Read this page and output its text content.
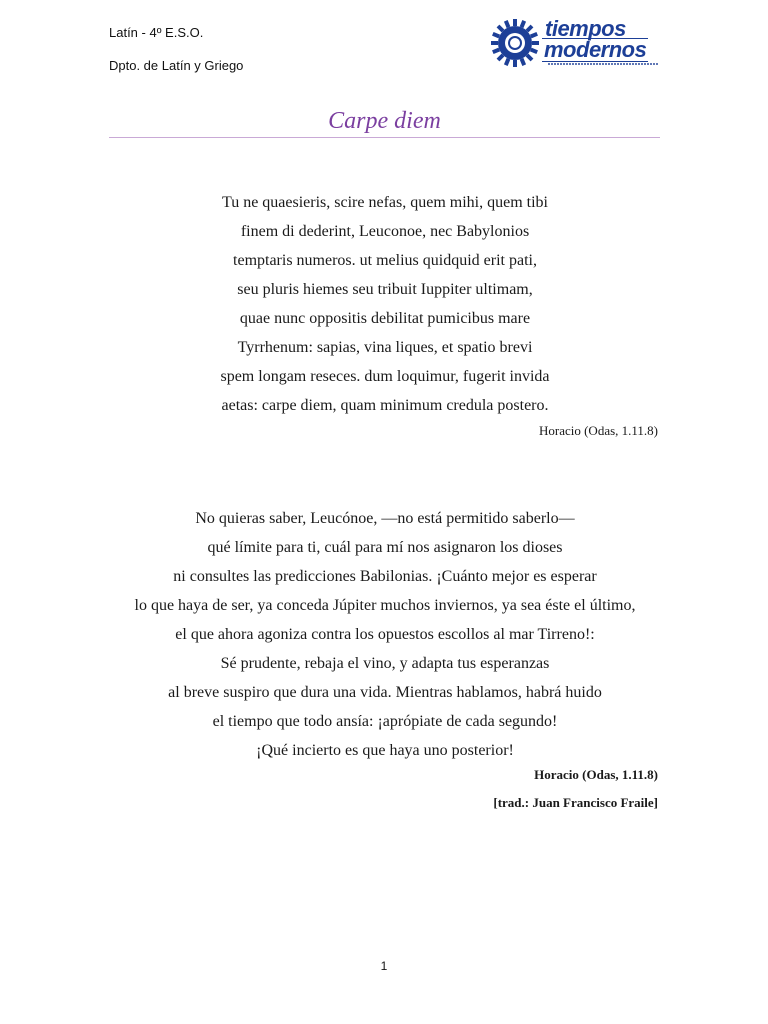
Latín - 4º E.S.O.
Dpto. de Latín y Griego
tiempos
modernos
Carpe diem
Tu ne quaesieris, scire nefas, quem mihi, quem tibi
finem di dederint, Leuconoe, nec Babylonios
temptaris numeros. ut melius quidquid erit pati,
seu pluris hiemes seu tribuit Iuppiter ultimam,
quae nunc oppositis debilitat pumicibus mare
Tyrrhenum: sapias, vina liques, et spatio brevi
spem longam reseces. dum loquimur, fugerit invida
aetas: carpe diem, quam minimum credula postero.
Horacio (Odas, 1.11.8)
No quieras saber, Leucónoe, —no está permitido saberlo—
qué límite para ti, cuál para mí nos asignaron los dioses
ni consultes las predicciones Babilonias. ¡Cuánto mejor es esperar
lo que haya de ser, ya conceda Júpiter muchos inviernos, ya sea éste el último,
el que ahora agoniza contra los opuestos escollos al mar Tirreno!:
Sé prudente, rebaja el vino, y adapta tus esperanzas
al breve suspiro que dura una vida. Mientras hablamos, habrá huido
el tiempo que todo ansía: ¡aprópiate de cada segundo!
¡Qué incierto es que haya uno posterior!
Horacio (Odas, 1.11.8)
[trad.: Juan Francisco Fraile]
1
